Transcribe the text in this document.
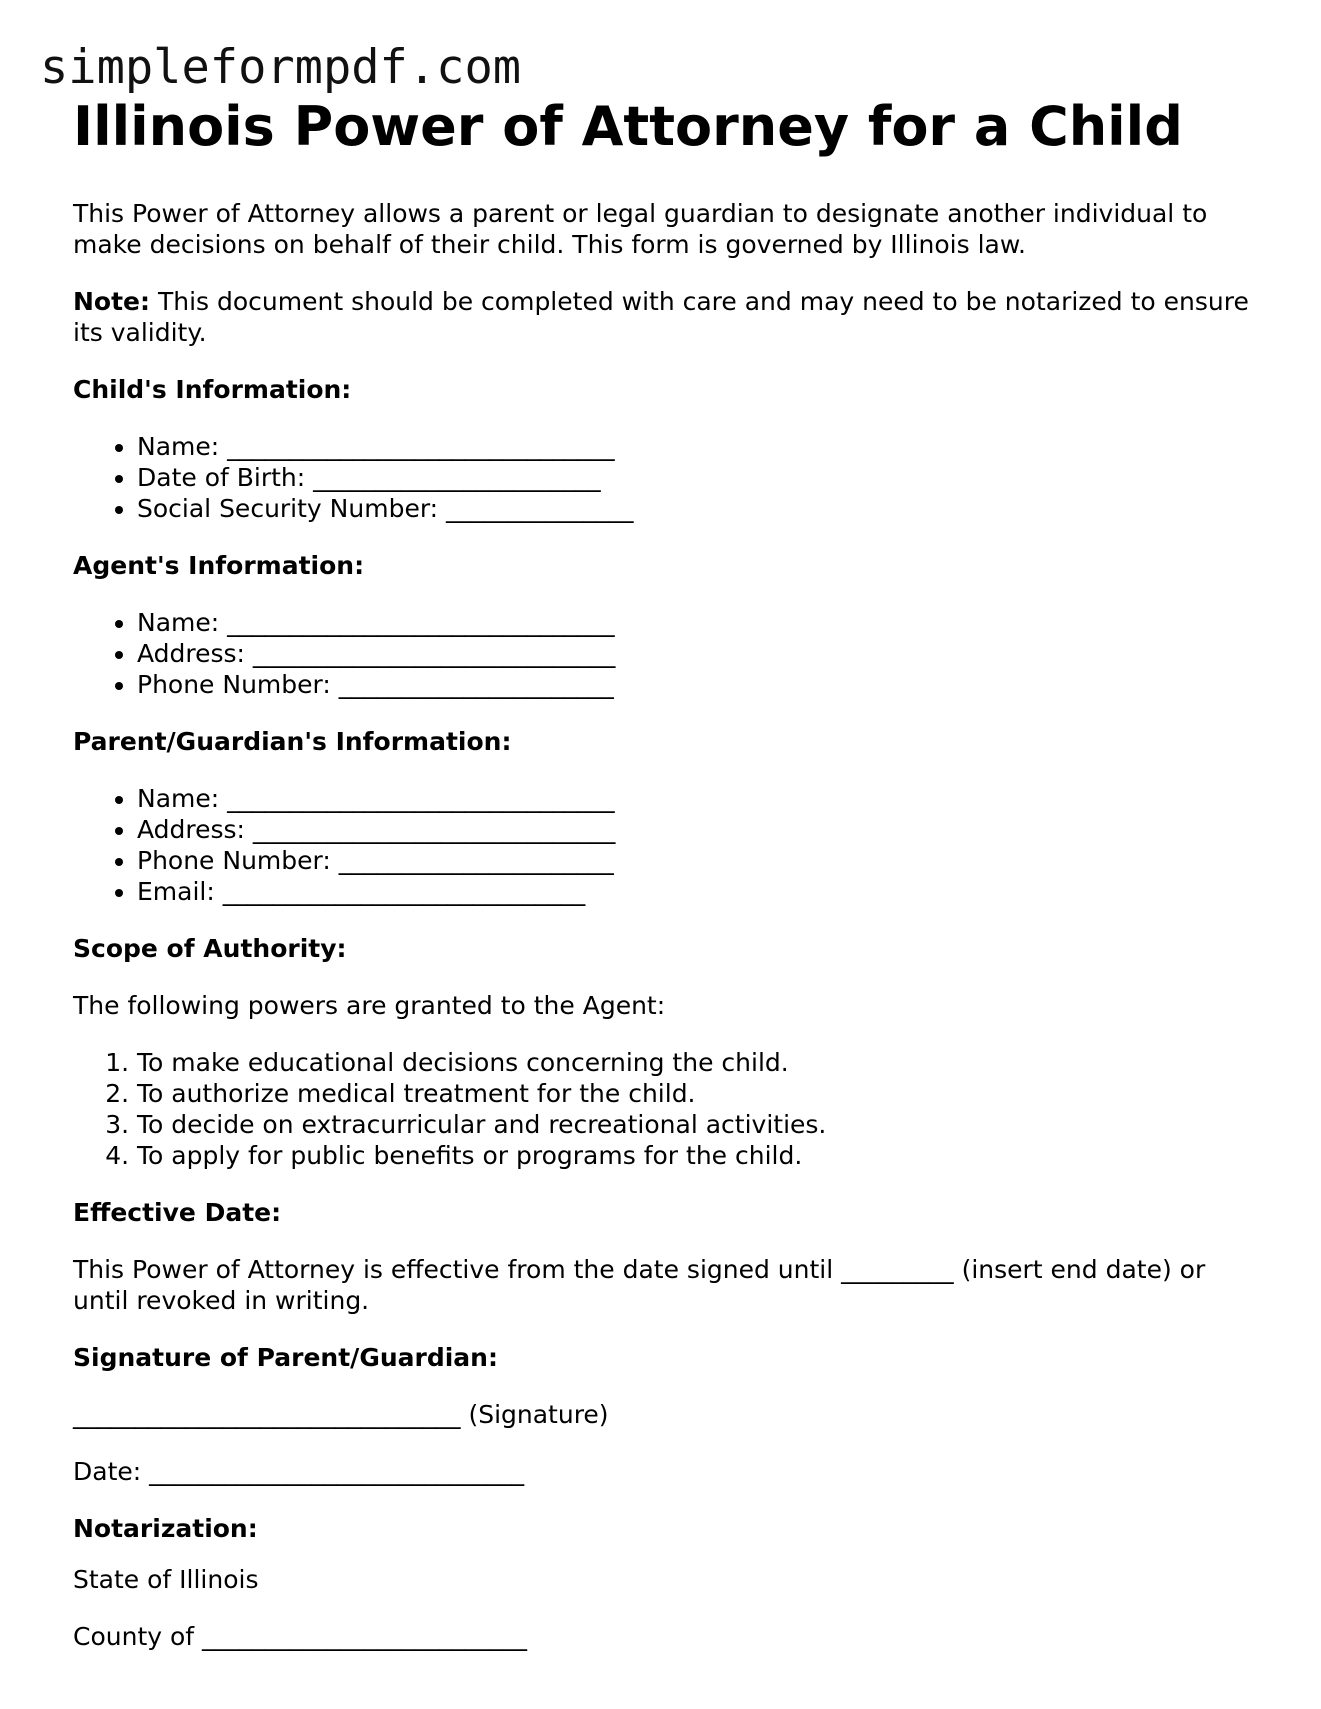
simpleformpdf.com
Illinois Power of Attorney for a Child

This Power of Attorney allows a parent or legal guardian to designate another individual to make decisions on behalf of their child. This form is governed by Illinois law.

Note: This document should be completed with care and may need to be notarized to ensure its validity.

Child's Information:
• Name: _______________________________
• Date of Birth: _______________________
• Social Security Number: _______________
Agent's Information:
• Name: _______________________________
• Address: _____________________________
• Phone Number: ______________________
Parent/Guardian's Information:
• Name: _______________________________
• Address: _____________________________
• Phone Number: ______________________
• Email: _____________________________
Scope of Authority:

The following powers are granted to the Agent:

1. To make educational decisions concerning the child.
2. To authorize medical treatment for the child.
3. To decide on extracurricular and recreational activities.
4. To apply for public benefits or programs for the child.
Effective Date:

This Power of Attorney is effective from the date signed until _________ (insert end date) or until revoked in writing.

Signature of Parent/Guardian:

_______________________________ (Signature)

Date: ______________________________

Notarization:

State of Illinois

County of __________________________
